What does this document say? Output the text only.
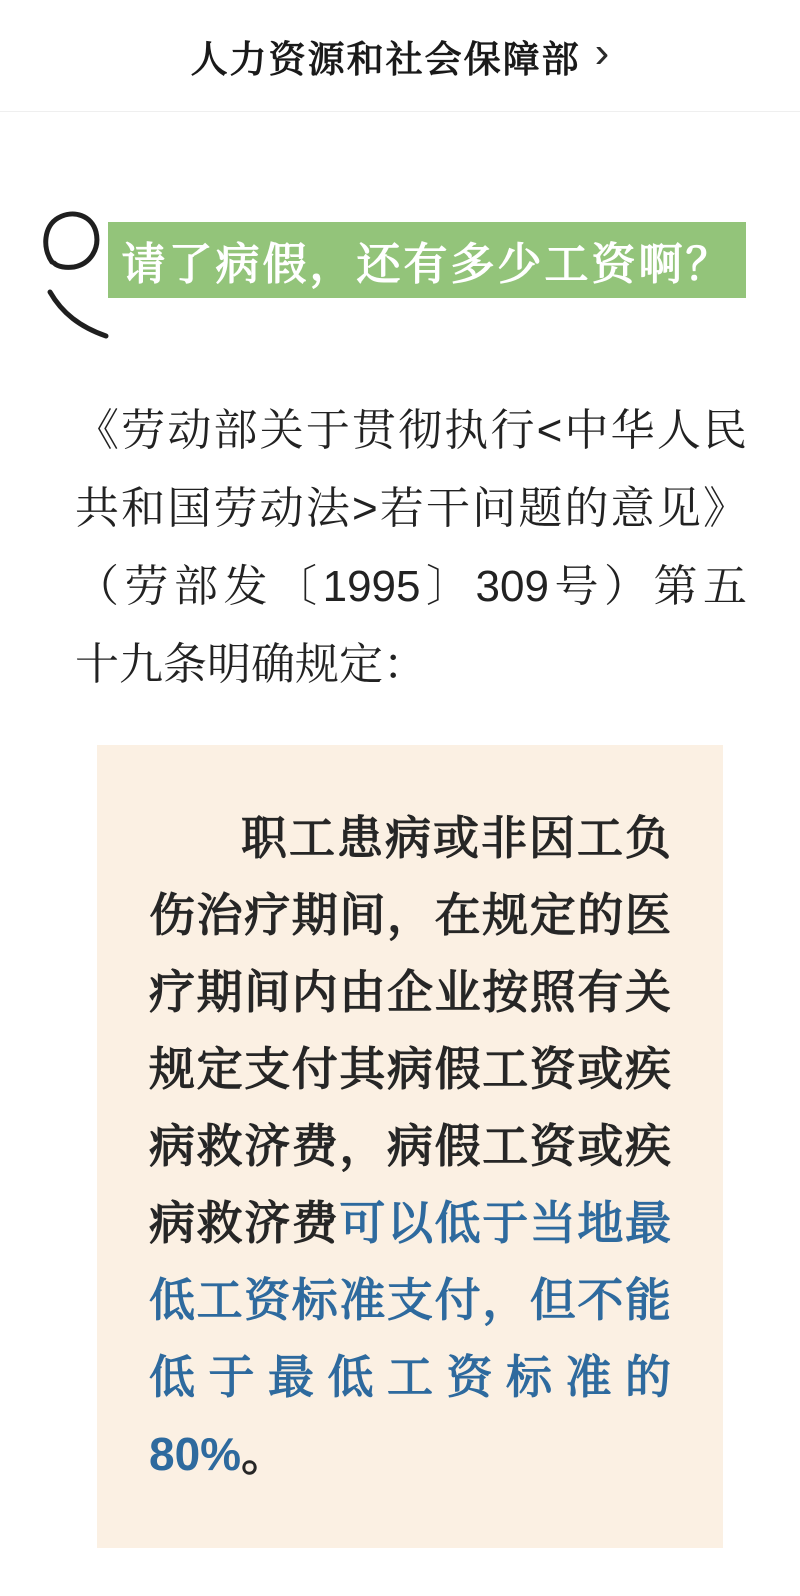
人力资源和社会保障部 ›
请了病假，还有多少工资啊？
《劳动部关于贯彻执行<中华人民
共和国劳动法>若干问题的意见》
（劳部发〔1995〕309号）第五
十九条明确规定：
职工患病或非因工负
伤治疗期间，在规定的医
疗期间内由企业按照有关
规定支付其病假工资或疾
病救济费，病假工资或疾
病救济费可以低于当地最
低工资标准支付，但不能
低于最低工资标准的
80%。
